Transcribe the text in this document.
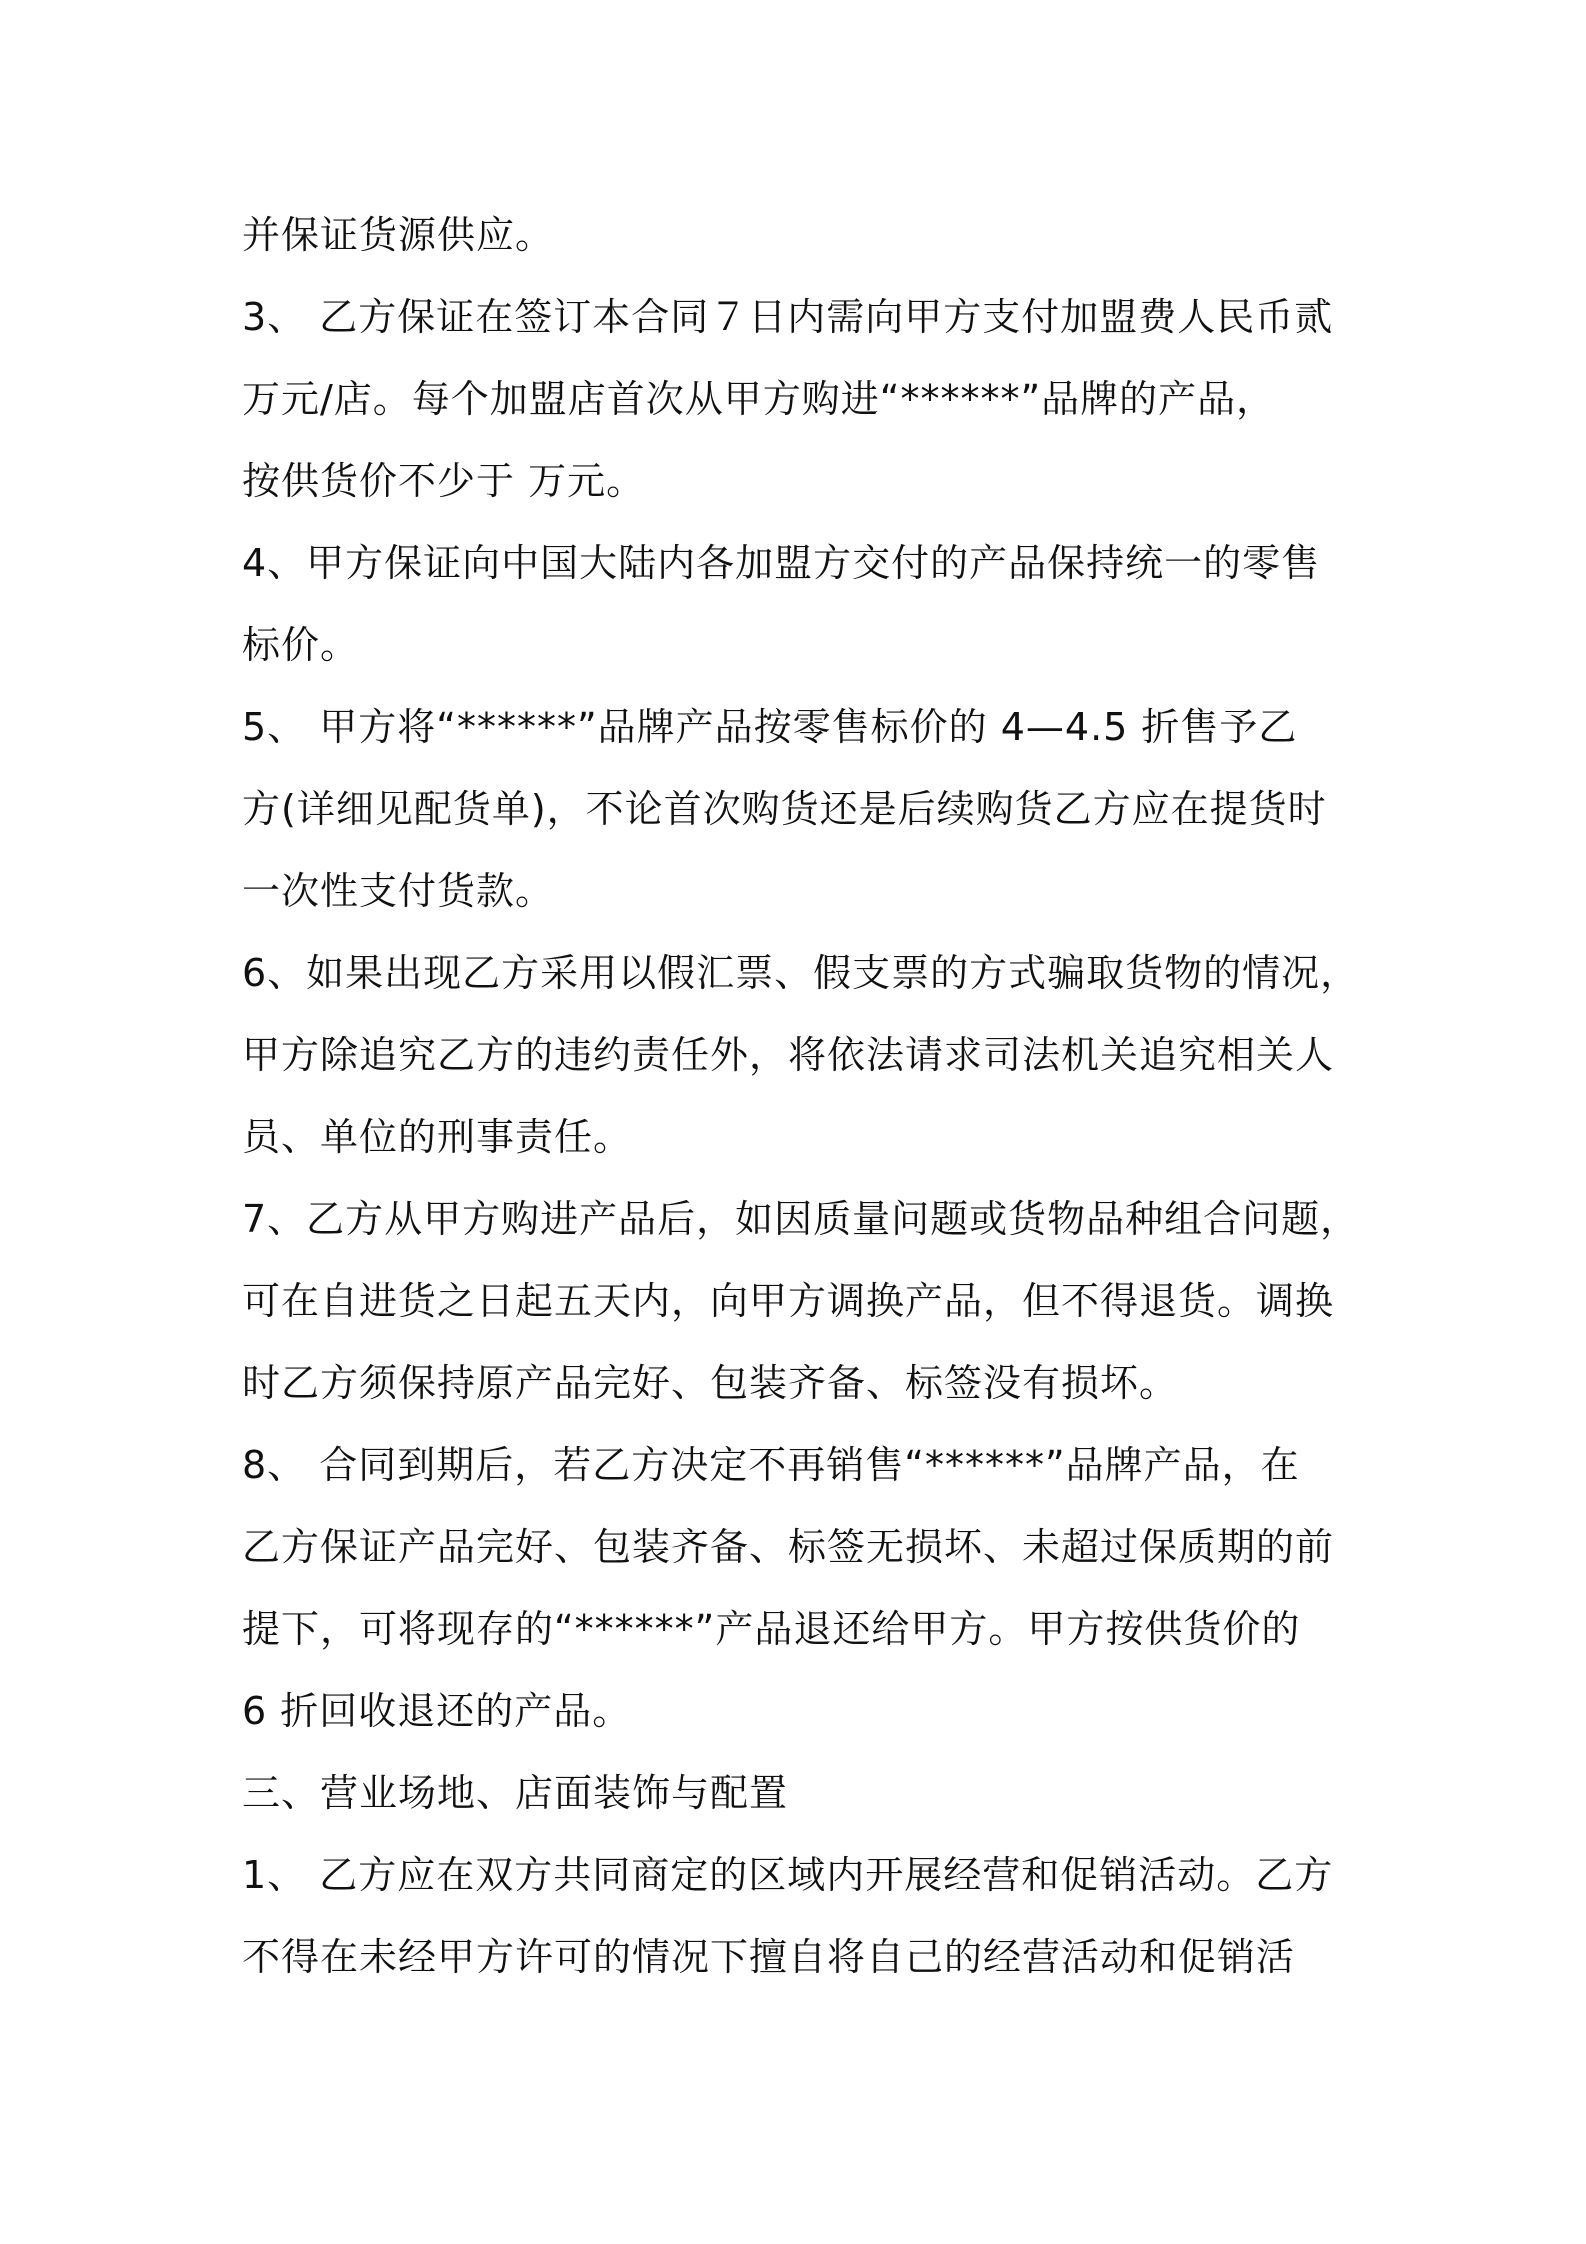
并保证货源供应。
3、 乙方保证在签订本合同７日内需向甲方支付加盟费人民币贰
万元/店。每个加盟店首次从甲方购进“******”品牌的产品，
按供货价不少于 万元。
4、甲方保证向中国大陆内各加盟方交付的产品保持统一的零售
标价。
5、 甲方将“******”品牌产品按零售标价的 4—4.5 折售予乙
方(详细见配货单)，不论首次购货还是后续购货乙方应在提货时
一次性支付货款。
6、如果出现乙方采用以假汇票、假支票的方式骗取货物的情况，
甲方除追究乙方的违约责任外，将依法请求司法机关追究相关人
员、单位的刑事责任。
7、乙方从甲方购进产品后，如因质量问题或货物品种组合问题，
可在自进货之日起五天内，向甲方调换产品，但不得退货。调换
时乙方须保持原产品完好、包装齐备、标签没有损坏。
8、 合同到期后，若乙方决定不再销售“******”品牌产品，在
乙方保证产品完好、包装齐备、标签无损坏、未超过保质期的前
提下，可将现存的“******”产品退还给甲方。甲方按供货价的
6 折回收退还的产品。
三、营业场地、店面装饰与配置
1、 乙方应在双方共同商定的区域内开展经营和促销活动。乙方
不得在未经甲方许可的情况下擅自将自己的经营活动和促销活
